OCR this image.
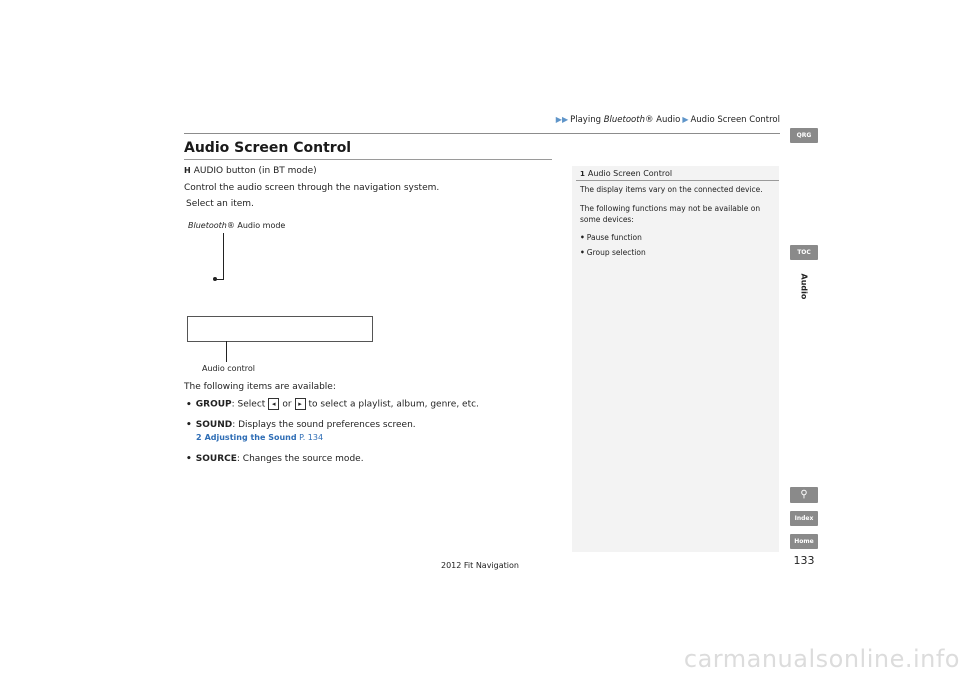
▶▶ Playing Bluetooth® Audio ▶ Audio Screen Control
Audio Screen Control
H AUDIO button (in BT mode)
Control the audio screen through the navigation system.
Select an item.
Bluetooth® Audio mode
Audio control
The following items are available:
• GROUP: Select ◂ or ▸ to select a playlist, album, genre, etc.
• SOUND: Displays the sound preferences screen.
2 Adjusting the Sound P. 134
• SOURCE: Changes the source mode.
1 Audio Screen Control
The display items vary on the connected device.
The following functions may not be available on
some devices:
• Pause function
• Group selection
QRG
TOC
Audio
⚲
Index
Home
133
2012 Fit Navigation
carmanualsonline.info
